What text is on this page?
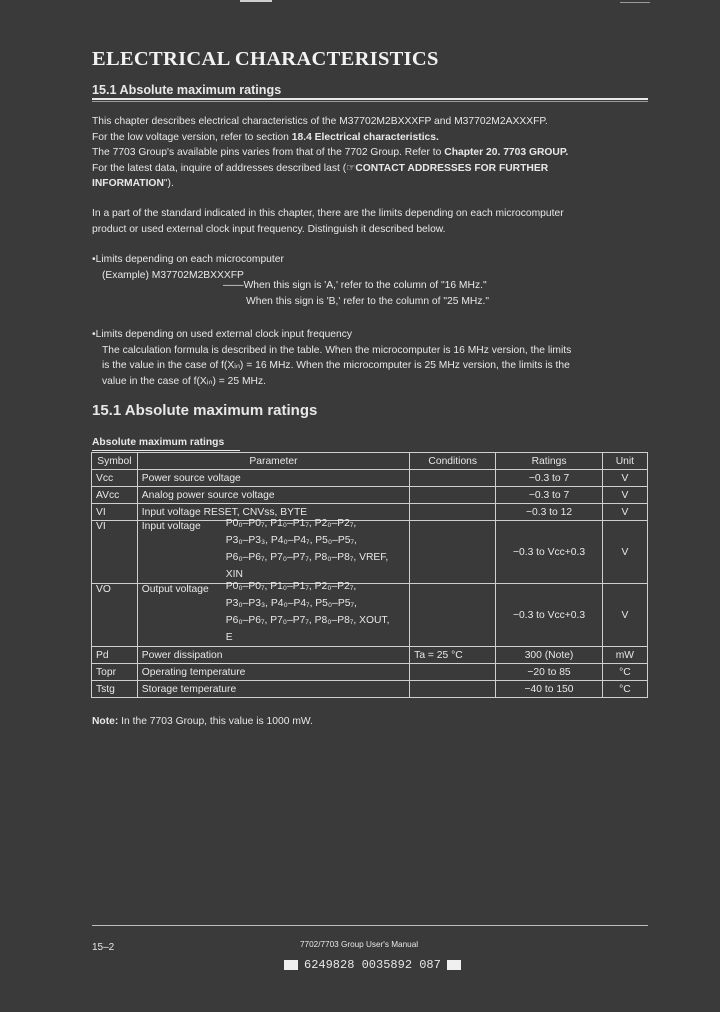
ELECTRICAL CHARACTERISTICS
15.1 Absolute maximum ratings
This chapter describes electrical characteristics of the M37702M2BXXXFP and M37702M2AXXXFP.
For the low voltage version, refer to section 18.4 Electrical characteristics.
The 7703 Group's available pins varies from that of the 7702 Group. Refer to Chapter 20. 7703 GROUP.
For the latest data, inquire of addresses described last (☞CONTACT ADDRESSES FOR FURTHER
INFORMATION").
In a part of the standard indicated in this chapter, there are the limits depending on each microcomputer
product or used external clock input frequency. Distinguish it described below.
•Limits depending on each microcomputer
(Example) M37702M2BXXXFP
——When this sign is 'A,' refer to the column of "16 MHz."
When this sign is 'B,' refer to the column of "25 MHz."
•Limits depending on used external clock input frequency
The calculation formula is described in the table. When the microcomputer is 16 MHz version, the limits
is the value in the case of f(Xᵢₙ) = 16 MHz. When the microcomputer is 25 MHz version, the limits is the
value in the case of f(Xᵢₙ) = 25 MHz.
15.1 Absolute maximum ratings
Absolute maximum ratings
Symbol	Parameter	Conditions	Ratings	Unit
Vcc	Power source voltage		−0.3 to 7	V
AVcc	Analog power source voltage		−0.3 to 7	V
VI	Input voltage RESET, CNVss, BYTE		−0.3 to 12	V
VI	Input voltage P0₀–P0₇, P1₀–P1₇, P2₀–P2₇,
P3₀–P3₃, P4₀–P4₇, P5₀–P5₇,
P6₀–P6₇, P7₀–P7₇, P8₀–P8₇, VREF,
XIN		−0.3 to Vcc+0.3	V
VO	Output voltage P0₀–P0₇, P1₀–P1₇, P2₀–P2₇,
P3₀–P3₃, P4₀–P4₇, P5₀–P5₇,
P6₀–P6₇, P7₀–P7₇, P8₀–P8₇, XOUT,
E		−0.3 to Vcc+0.3	V
Pd	Power dissipation	Ta = 25 °C	300 (Note)	mW
Topr	Operating temperature		−20 to 85	°C
Tstg	Storage temperature		−40 to 150	°C
Note: In the 7703 Group, this value is 1000 mW.
15–2	7702/7703 Group User's Manual
6249828 0035892 087
